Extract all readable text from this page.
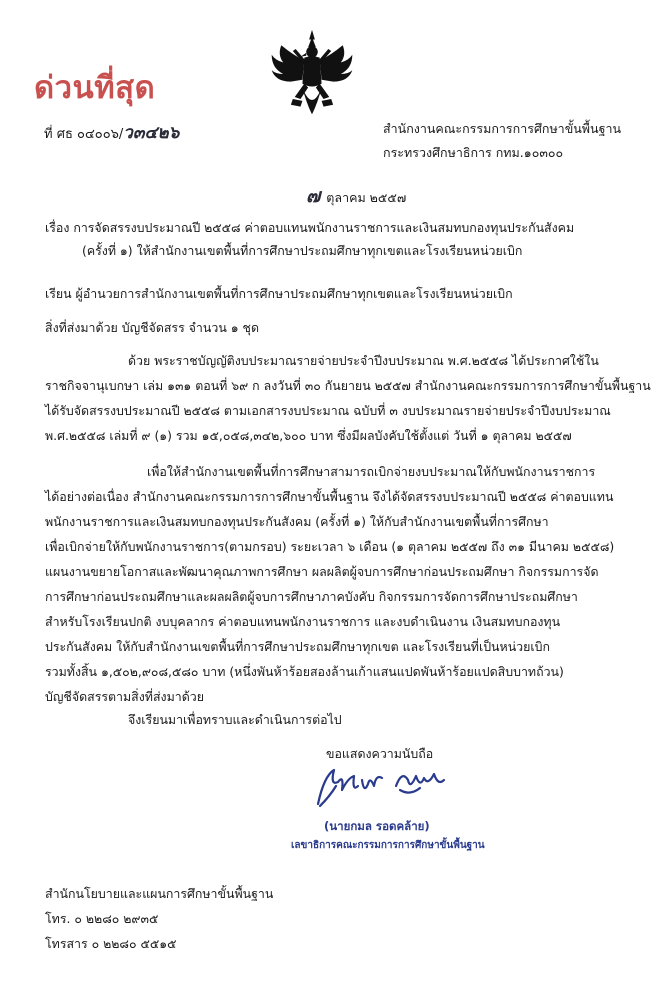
ด่วนที่สุด
ที่ ศธ ๐๔๐๐๖/ว๓๔๒๖	สำนักงานคณะกรรมการการศึกษาขั้นพื้นฐาน
กระทรวงศึกษาธิการ กทม.๑๐๓๐๐
๗ ตุลาคม ๒๕๕๗
เรื่อง การจัดสรรงบประมาณปี ๒๕๕๘ ค่าตอบแทนพนักงานราชการและเงินสมทบกองทุนประกันสังคม
(ครั้งที่ ๑) ให้สำนักงานเขตพื้นที่การศึกษาประถมศึกษาทุกเขตและโรงเรียนหน่วยเบิก
เรียน ผู้อำนวยการสำนักงานเขตพื้นที่การศึกษาประถมศึกษาทุกเขตและโรงเรียนหน่วยเบิก
สิ่งที่ส่งมาด้วย บัญชีจัดสรร จำนวน ๑ ชุด
ด้วย พระราชบัญญัติงบประมาณรายจ่ายประจำปีงบประมาณ พ.ศ.๒๕๕๘ ได้ประกาศใช้ใน
ราชกิจจานุเบกษา เล่ม ๑๓๑ ตอนที่ ๖๙ ก ลงวันที่ ๓๐ กันยายน ๒๕๕๗ สำนักงานคณะกรรมการการศึกษาขั้นพื้นฐาน
ได้รับจัดสรรงบประมาณปี ๒๕๕๘ ตามเอกสารงบประมาณ ฉบับที่ ๓ งบประมาณรายจ่ายประจำปีงบประมาณ
พ.ศ.๒๕๕๘ เล่มที่ ๙ (๑) รวม ๑๕,๐๕๘,๓๔๒,๖๐๐ บาท ซึ่งมีผลบังคับใช้ตั้งแต่ วันที่ ๑ ตุลาคม ๒๕๕๗
เพื่อให้สำนักงานเขตพื้นที่การศึกษาสามารถเบิกจ่ายงบประมาณให้กับพนักงานราชการ
ได้อย่างต่อเนื่อง สำนักงานคณะกรรมการการศึกษาขั้นพื้นฐาน จึงได้จัดสรรงบประมาณปี ๒๕๕๘ ค่าตอบแทน
พนักงานราชการและเงินสมทบกองทุนประกันสังคม (ครั้งที่ ๑) ให้กับสำนักงานเขตพื้นที่การศึกษา
เพื่อเบิกจ่ายให้กับพนักงานราชการ(ตามกรอบ) ระยะเวลา ๖ เดือน (๑ ตุลาคม ๒๕๕๗ ถึง ๓๑ มีนาคม ๒๕๕๘)
แผนงานขยายโอกาสและพัฒนาคุณภาพการศึกษา ผลผลิตผู้จบการศึกษาก่อนประถมศึกษา กิจกรรมการจัด
การศึกษาก่อนประถมศึกษาและผลผลิตผู้จบการศึกษาภาคบังคับ กิจกรรมการจัดการศึกษาประถมศึกษา
สำหรับโรงเรียนปกติ งบบุคลากร ค่าตอบแทนพนักงานราชการ และงบดำเนินงาน เงินสมทบกองทุน
ประกันสังคม ให้กับสำนักงานเขตพื้นที่การศึกษาประถมศึกษาทุกเขต และโรงเรียนที่เป็นหน่วยเบิก
รวมทั้งสิ้น ๑,๕๐๒,๙๐๘,๕๘๐ บาท (หนึ่งพันห้าร้อยสองล้านเก้าแสนแปดพันห้าร้อยแปดสิบบาทถ้วน)
บัญชีจัดสรรตามสิ่งที่ส่งมาด้วย
จึงเรียนมาเพื่อทราบและดำเนินการต่อไป
ขอแสดงความนับถือ
(นายกมล รอดคล้าย)
เลขาธิการคณะกรรมการการศึกษาขั้นพื้นฐาน
สำนักนโยบายและแผนการศึกษาขั้นพื้นฐาน
โทร. ๐ ๒๒๘๐ ๒๙๓๕
โทรสาร ๐ ๒๒๘๐ ๕๕๑๕
